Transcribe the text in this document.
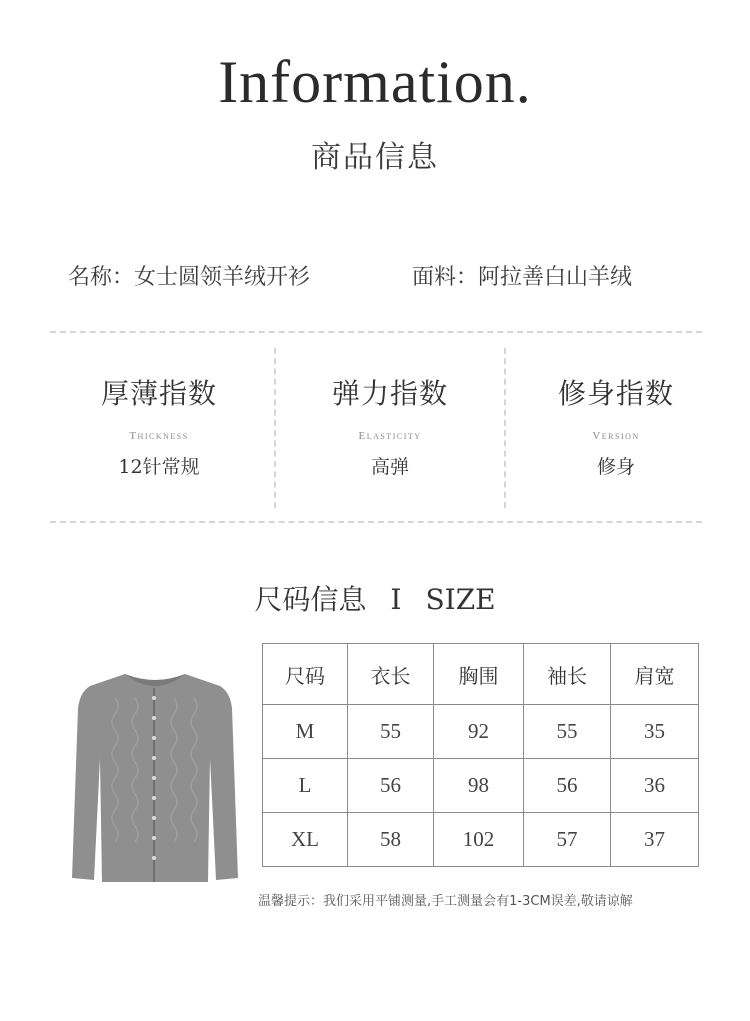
Information.
商品信息
名称：女士圆领羊绒开衫	面料：阿拉善白山羊绒
厚薄指数
Thickness
12针常规
弹力指数
Elasticity
高弹
修身指数
Version
修身
尺码信息 I SIZE
尺码	衣长	胸围	袖长	肩宽
M	55	92	55	35
L	56	98	56	36
XL	58	102	57	37
温馨提示：我们采用平铺测量,手工测量会有1-3CM误差,敬请谅解
